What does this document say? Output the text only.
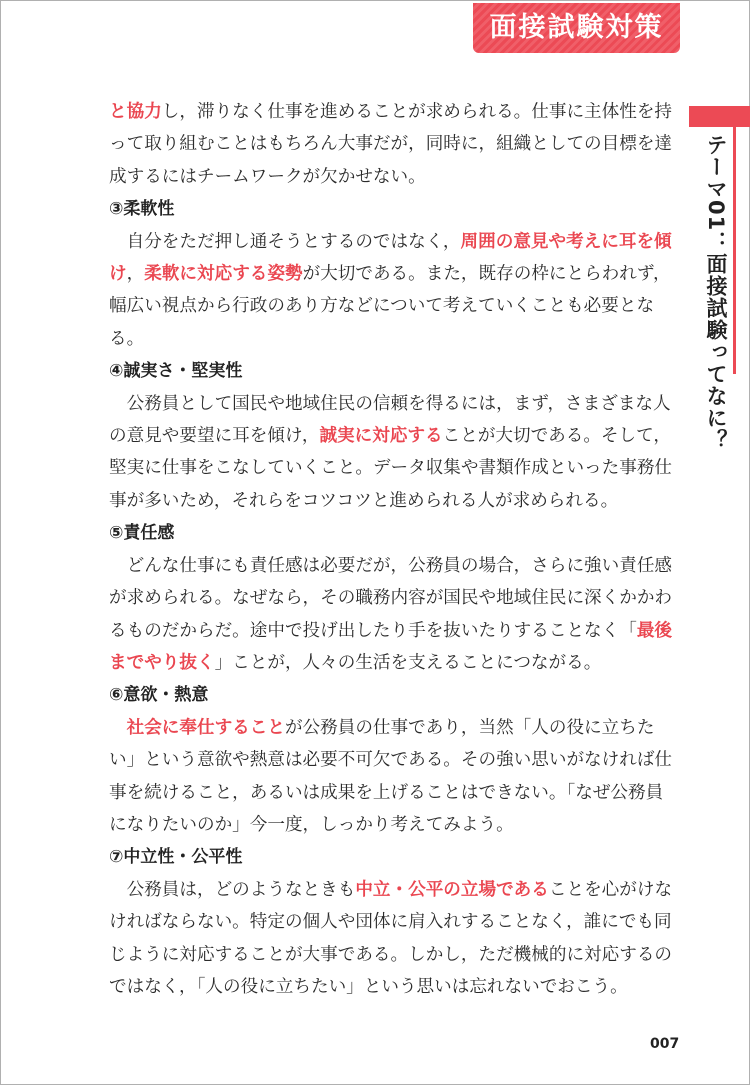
面接試験対策
テーマ01：面接試験ってなに？

と協力し，滞りなく仕事を進めることが求められる。仕事に主体性を持って取り組むことはもちろん大事だが，同時に，組織としての目標を達成するにはチームワークが欠かせない。

③柔軟性

自分をただ押し通そうとするのではなく，周囲の意見や考えに耳を傾け，柔軟に対応する姿勢が大切である。また，既存の枠にとらわれず，幅広い視点から行政のあり方などについて考えていくことも必要となる。

④誠実さ・堅実性

公務員として国民や地域住民の信頼を得るには，まず，さまざまな人の意見や要望に耳を傾け，誠実に対応することが大切である。そして，堅実に仕事をこなしていくこと。データ収集や書類作成といった事務仕事が多いため，それらをコツコツと進められる人が求められる。

⑤責任感

どんな仕事にも責任感は必要だが，公務員の場合，さらに強い責任感が求められる。なぜなら，その職務内容が国民や地域住民に深くかかわるものだからだ。途中で投げ出したり手を抜いたりすることなく「最後までやり抜く」ことが，人々の生活を支えることにつながる。

⑥意欲・熱意

社会に奉仕することが公務員の仕事であり，当然「人の役に立ちたい」という意欲や熱意は必要不可欠である。その強い思いがなければ仕事を続けること，あるいは成果を上げることはできない。「なぜ公務員になりたいのか」今一度，しっかり考えてみよう。

⑦中立性・公平性

公務員は，どのようなときも中立・公平の立場であることを心がけなければならない。特定の個人や団体に肩入れすることなく，誰にでも同じように対応することが大事である。しかし，ただ機械的に対応するのではなく，「人の役に立ちたい」という思いは忘れないでおこう。

007
